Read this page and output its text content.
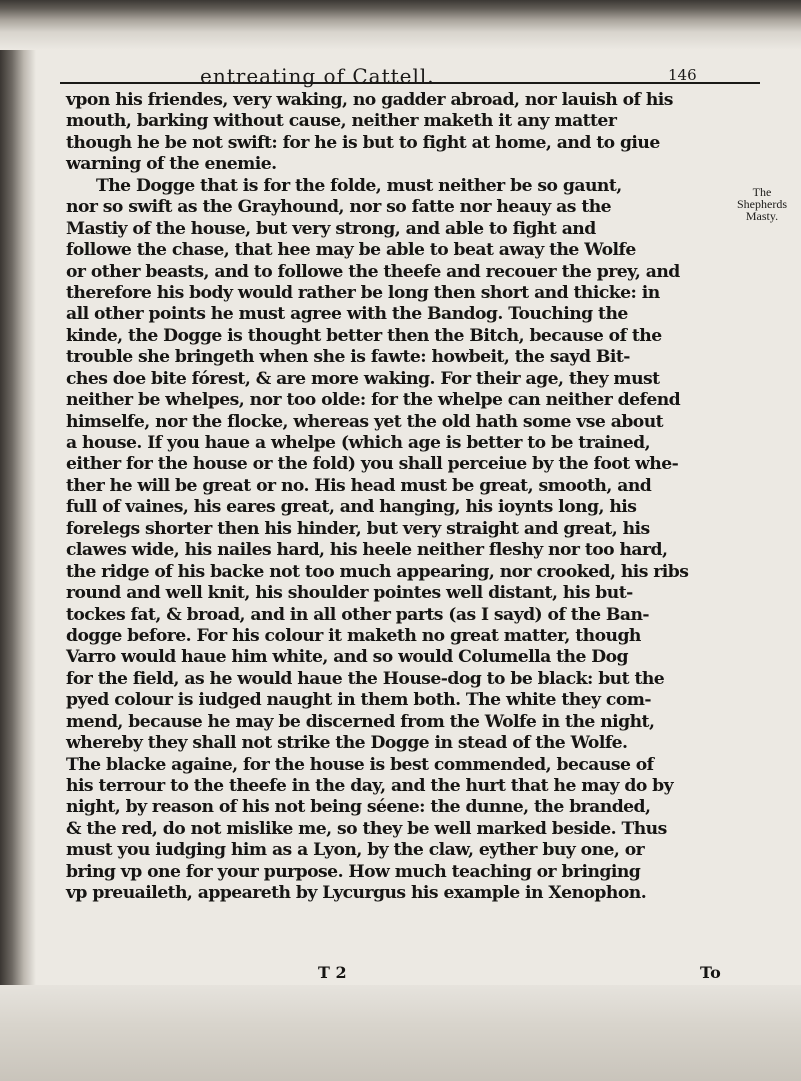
entreating of Cattell.	146
The
Shepherds
Masty.
vpon his friendes, very waking, no gadder abroad, nor lauish of his
mouth, barking without cause, neither maketh it any matter
though he be not swift: for he is but to fight at home, and to giue
warning of the enemie.
The Dogge that is for the folde, must neither be so gaunt,
nor so swift as the Grayhound, nor so fatte nor heauy as the
Mastiy of the house, but very strong, and able to fight and
followe the chase, that hee may be able to beat away the Wolfe
or other beasts, and to followe the theefe and recouer the prey, and
therefore his body would rather be long then short and thicke: in
all other points he must agree with the Bandog. Touching the
kinde, the Dogge is thought better then the Bitch, because of the
trouble she bringeth when she is fawte: howbeit, the sayd Bit-
ches doe bite fórest, & are more waking. For their age, they must
neither be whelpes, nor too olde: for the whelpe can neither defend
himselfe, nor the flocke, whereas yet the old hath some vse about
a house. If you haue a whelpe (which age is better to be trained,
either for the house or the fold) you shall perceiue by the foot whe-
ther he will be great or no. His head must be great, smooth, and
full of vaines, his eares great, and hanging, his ioynts long, his
forelegs shorter then his hinder, but very straight and great, his
clawes wide, his nailes hard, his heele neither fleshy nor too hard,
the ridge of his backe not too much appearing, nor crooked, his ribs
round and well knit, his shoulder pointes well distant, his but-
tockes fat, & broad, and in all other parts (as I sayd) of the Ban-
dogge before. For his colour it maketh no great matter, though
Varro would haue him white, and so would Columella the Dog
for the field, as he would haue the House-dog to be black: but the
pyed colour is iudged naught in them both. The white they com-
mend, because he may be discerned from the Wolfe in the night,
whereby they shall not strike the Dogge in stead of the Wolfe.
The blacke againe, for the house is best commended, because of
his terrour to the theefe in the day, and the hurt that he may do by
night, by reason of his not being séene: the dunne, the branded,
& the red, do not mislike me, so they be well marked beside. Thus
must you iudging him as a Lyon, by the claw, eyther buy one, or
bring vp one for your purpose. How much teaching or bringing
vp preuaileth, appeareth by Lycurgus his example in Xenophon.
T 2	To
